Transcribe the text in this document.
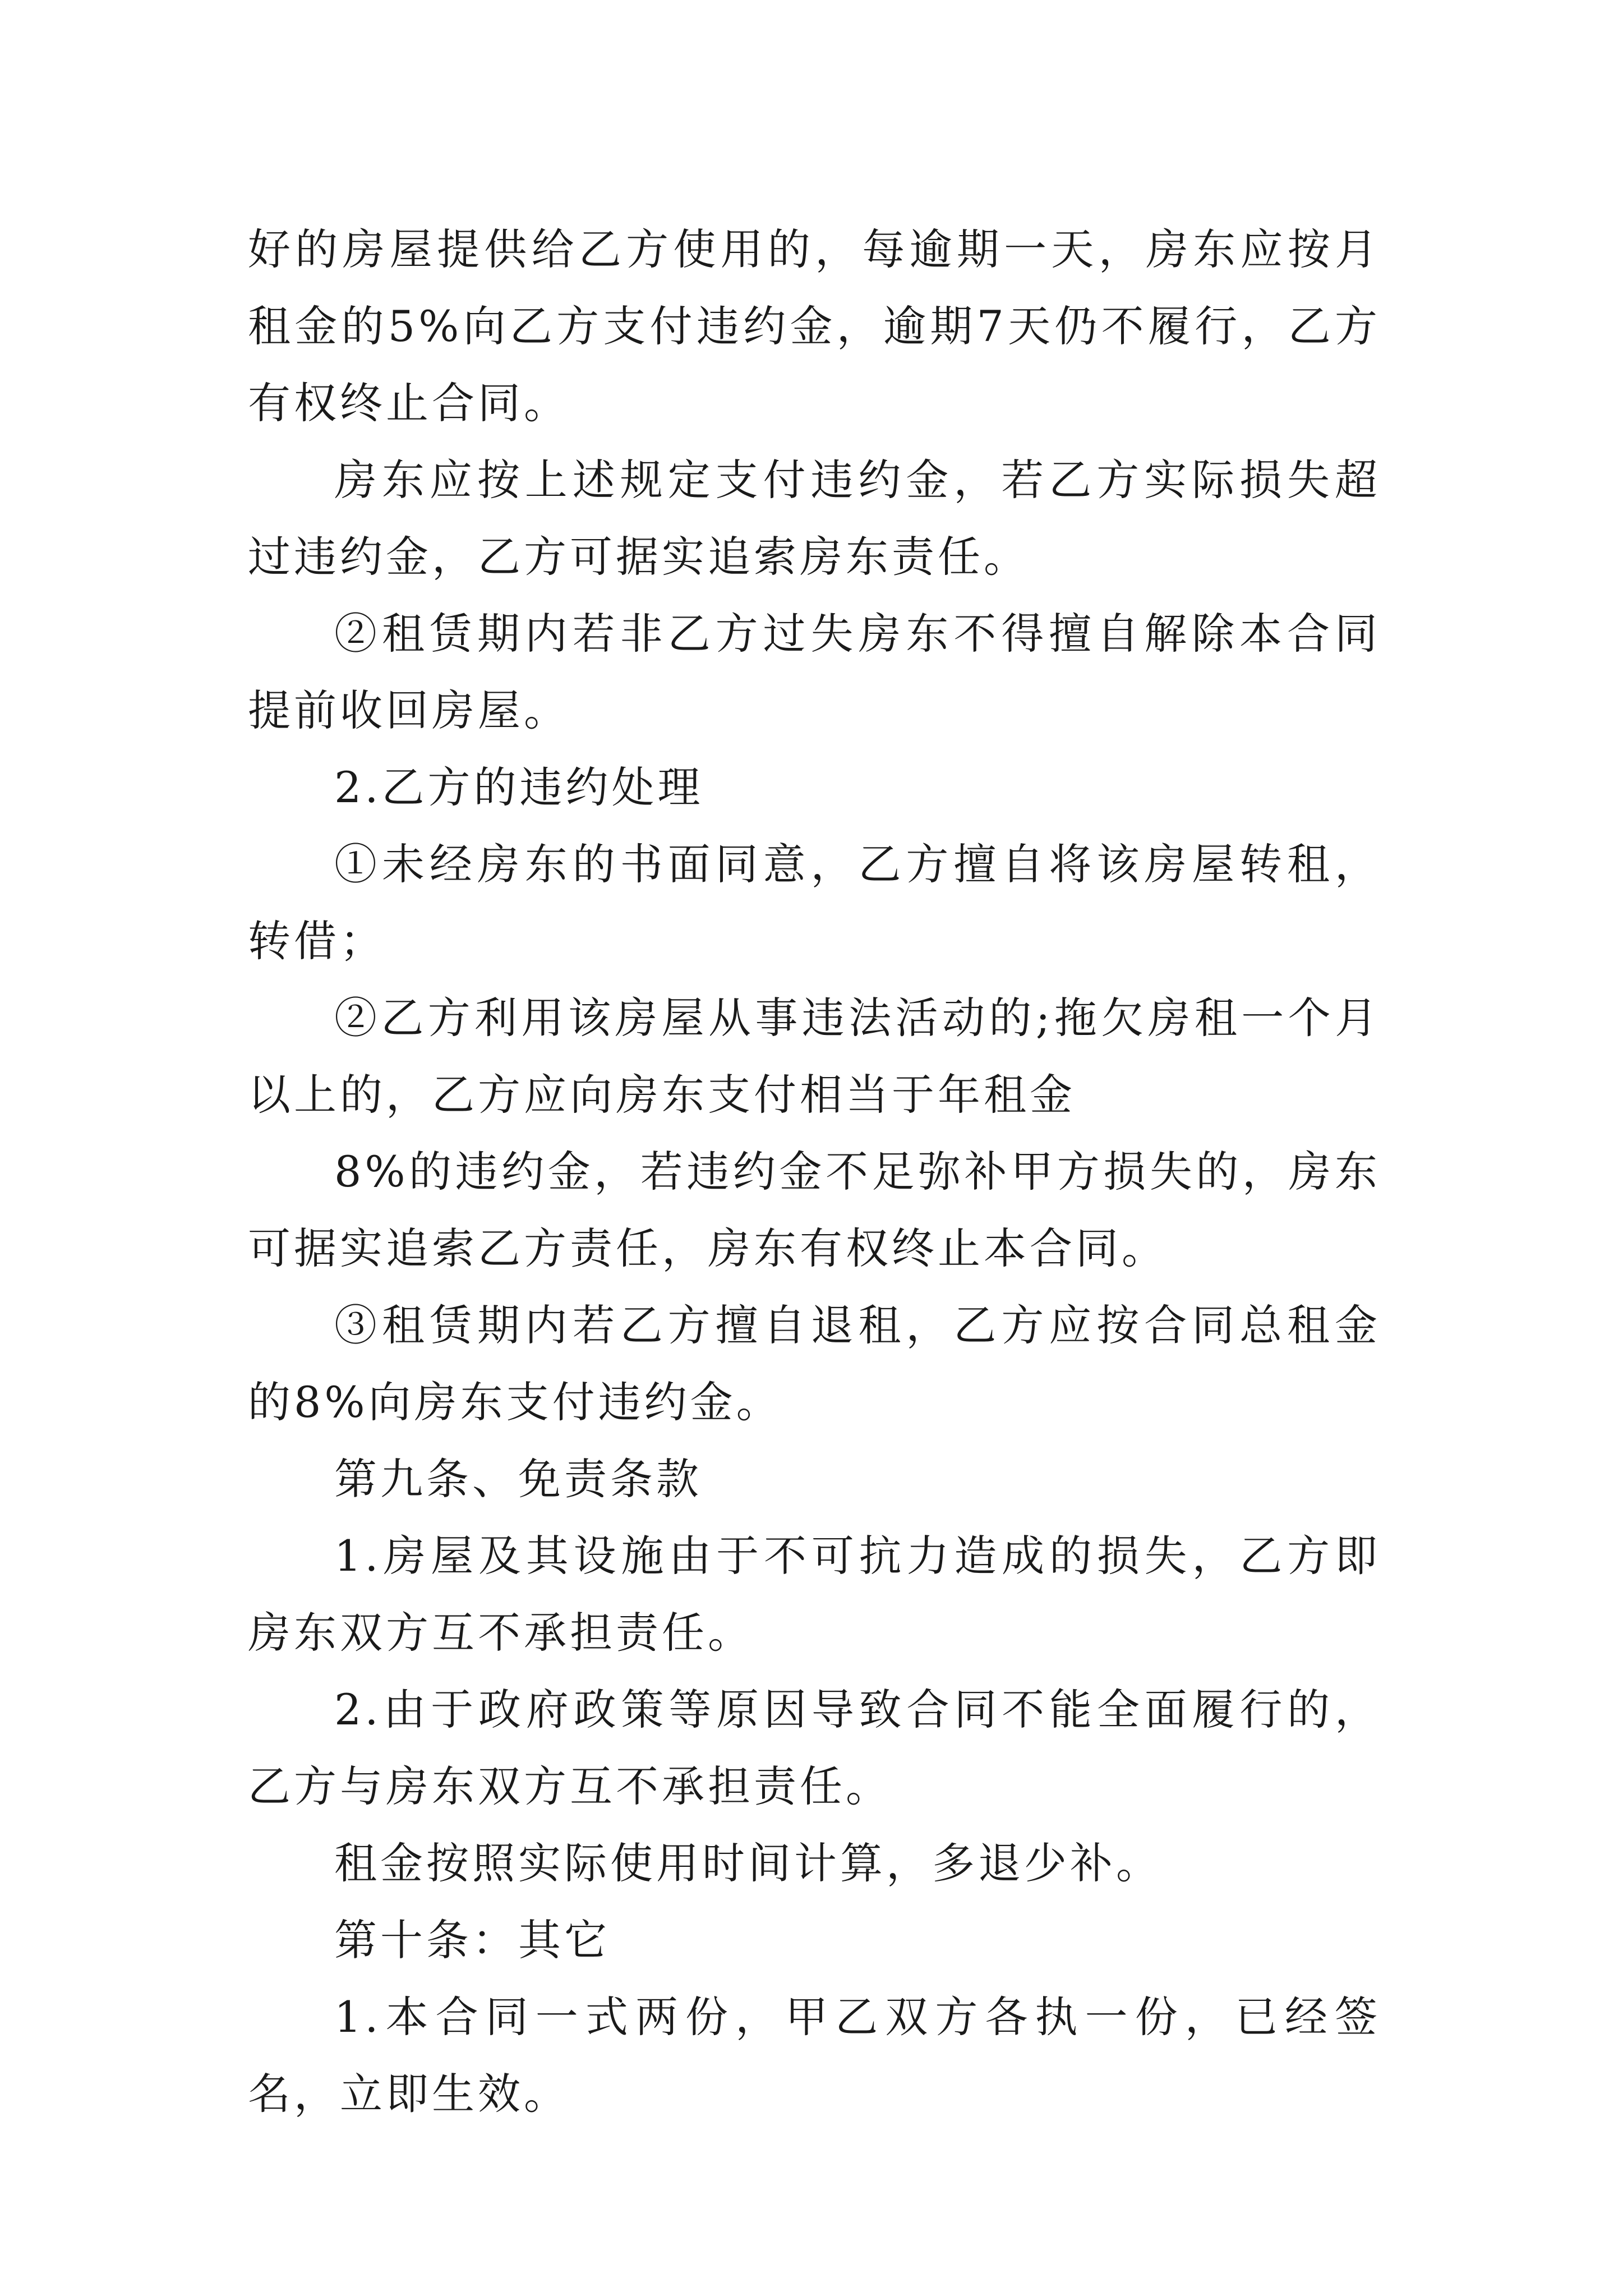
好的房屋提供给乙方使用的，每逾期一天，房东应按月租金的5%向乙方支付违约金，逾期7天仍不履行，乙方有权终止合同。

房东应按上述规定支付违约金，若乙方实际损失超过违约金，乙方可据实追索房东责任。

②租赁期内若非乙方过失房东不得擅自解除本合同提前收回房屋。

2.乙方的违约处理

①未经房东的书面同意，乙方擅自将该房屋转租，转借；

②乙方利用该房屋从事违法活动的;拖欠房租一个月以上的，乙方应向房东支付相当于年租金

8%的违约金，若违约金不足弥补甲方损失的，房东可据实追索乙方责任，房东有权终止本合同。

③租赁期内若乙方擅自退租，乙方应按合同总租金的8%向房东支付违约金。

第九条、免责条款

1.房屋及其设施由于不可抗力造成的损失，乙方即房东双方互不承担责任。

2.由于政府政策等原因导致合同不能全面履行的，乙方与房东双方互不承担责任。

租金按照实际使用时间计算，多退少补。

第十条：其它

1.本合同一式两份，甲乙双方各执一份，已经签名，立即生效。
